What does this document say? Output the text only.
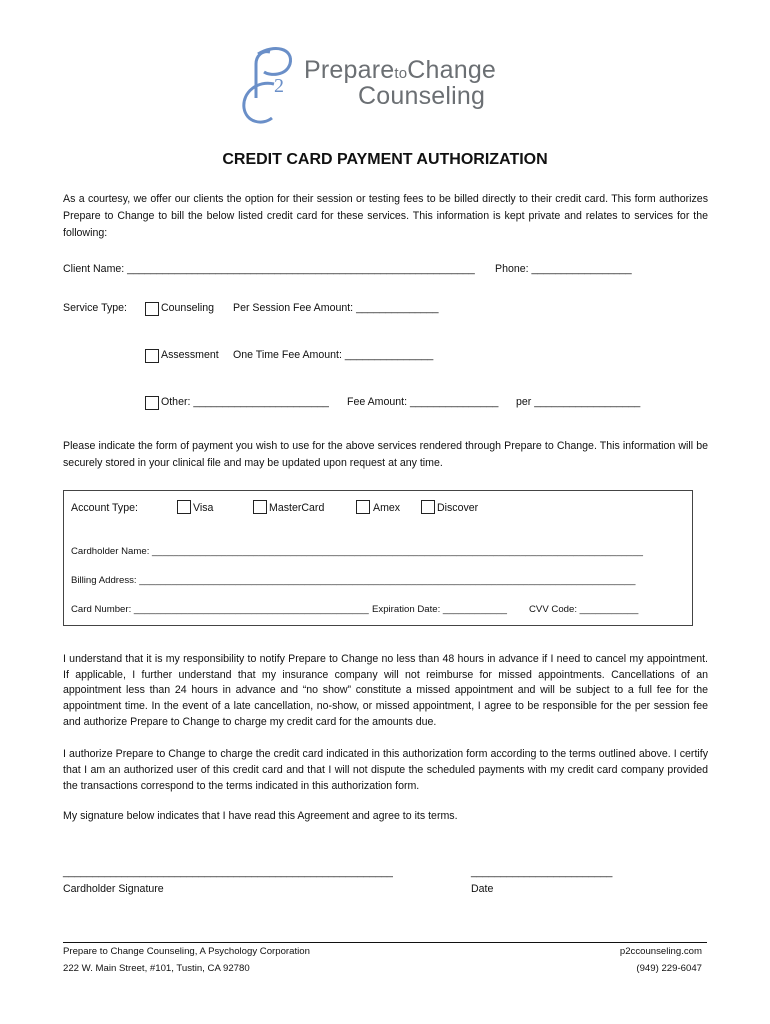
2
PreparetoChange
Counseling
CREDIT CARD PAYMENT AUTHORIZATION
As a courtesy, we offer our clients the option for their session or testing fees to be billed directly to their credit card. This form authorizes Prepare to Change to bill the below listed credit card for these services. This information is kept private and relates to services for the following:
Client Name: ___________________________________________________________ Phone: _________________
Service Type:	Counseling Per Session Fee Amount: ______________
Assessment One Time Fee Amount: _______________
Other: _______________________ Fee Amount: _______________ per __________________
Please indicate the form of payment you wish to use for the above services rendered through Prepare to Change. This information will be securely stored in your clinical file and may be updated upon request at any time.
Account Type:	Visa	MasterCard	Amex	Discover
Cardholder Name: ____________________________________________________________________________________________
Billing Address: _____________________________________________________________________________________________
Card Number: ____________________________________________ Expiration Date: ____________ CVV Code: ___________
I understand that it is my responsibility to notify Prepare to Change no less than 48 hours in advance if I need to cancel my appointment. If applicable, I further understand that my insurance company will not reimburse for missed appointments. Cancellations of an appointment less than 24 hours in advance and “no show” constitute a missed appointment and will be subject to a full fee for the appointment time. In the event of a late cancellation, no-show, or missed appointment, I agree to be responsible for the per session fee and authorize Prepare to Change to charge my credit card for the amounts due.
I authorize Prepare to Change to charge the credit card indicated in this authorization form according to the terms outlined above. I certify that I am an authorized user of this credit card and that I will not dispute the scheduled payments with my credit card company provided the transactions correspond to the terms indicated in this authorization form.
My signature below indicates that I have read this Agreement and agree to its terms.
________________________________________________________
Cardholder Signature
________________________
Date
Prepare to Change Counseling, A Psychology Corporation
222 W. Main Street, #101, Tustin, CA 92780
p2ccounseling.com
(949) 229-6047
